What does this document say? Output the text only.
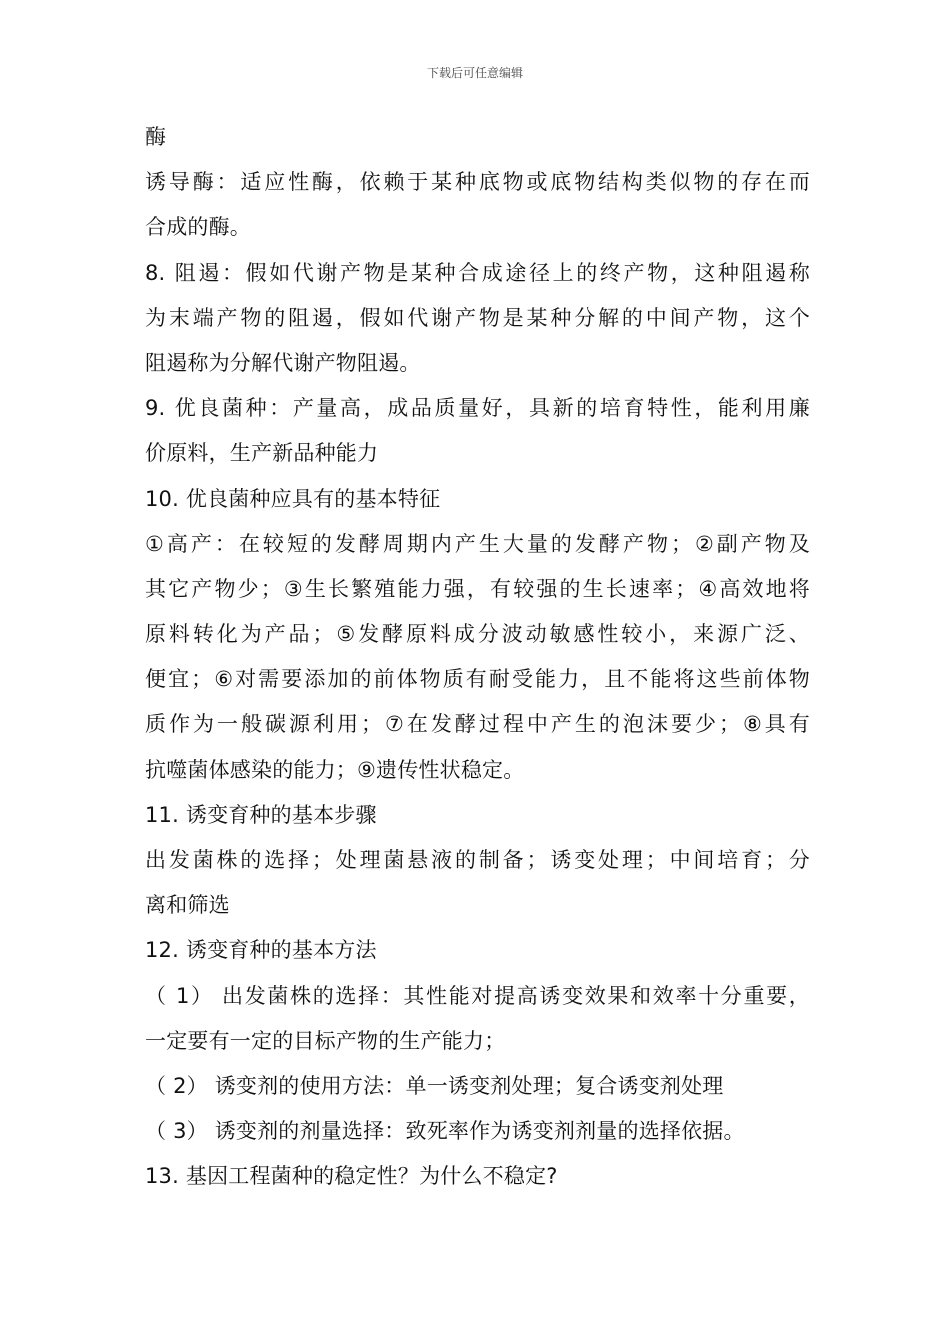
下载后可任意编辑
酶
诱导酶：适应性酶，依赖于某种底物或底物结构类似物的存在而
合成的酶。
8. 阻遏：假如代谢产物是某种合成途径上的终产物，这种阻遏称
为末端产物的阻遏，假如代谢产物是某种分解的中间产物，这个
阻遏称为分解代谢产物阻遏。
9. 优良菌种：产量高，成品质量好，具新的培育特性，能利用廉
价原料，生产新品种能力
10. 优良菌种应具有的基本特征
①高产：在较短的发酵周期内产生大量的发酵产物；②副产物及
其它产物少；③生长繁殖能力强，有较强的生长速率；④高效地将
原料转化为产品；⑤发酵原料成分波动敏感性较小，来源广泛、
便宜；⑥对需要添加的前体物质有耐受能力，且不能将这些前体物
质作为一般碳源利用；⑦在发酵过程中产生的泡沫要少；⑧具有
抗噬菌体感染的能力；⑨遗传性状稳定。
11. 诱变育种的基本步骤
出发菌株的选择；处理菌悬液的制备；诱变处理；中间培育；分
离和筛选
12. 诱变育种的基本方法
（ 1） 出发菌株的选择：其性能对提高诱变效果和效率十分重要，
一定要有一定的目标产物的生产能力；
（ 2） 诱变剂的使用方法：单一诱变剂处理；复合诱变剂处理
（ 3） 诱变剂的剂量选择：致死率作为诱变剂剂量的选择依据。
13. 基因工程菌种的稳定性？为什么不稳定?
